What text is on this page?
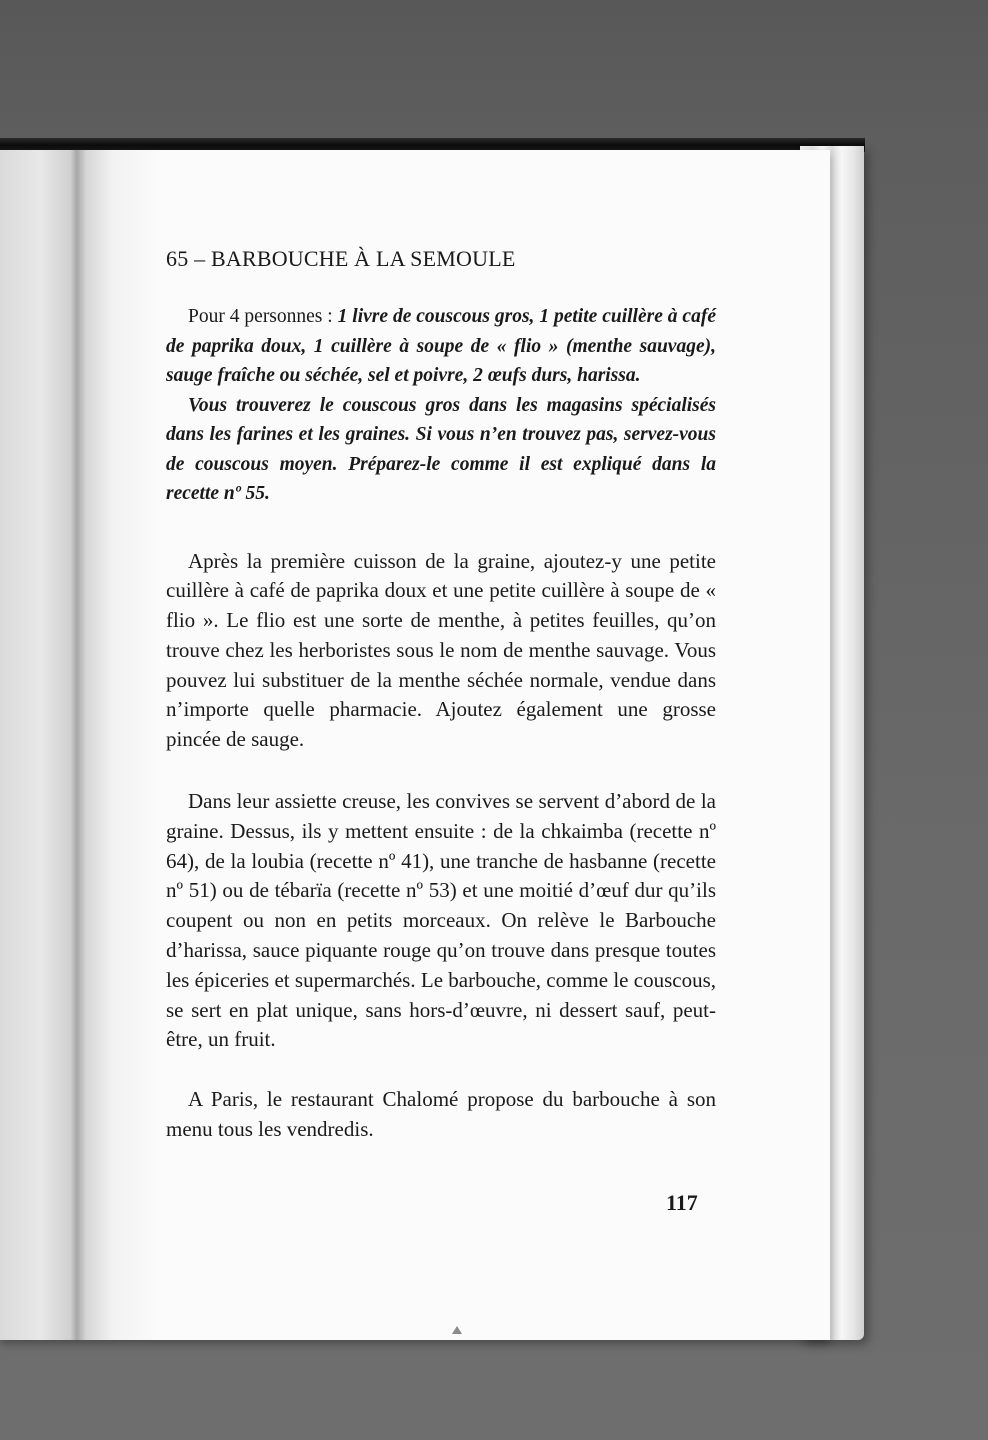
65 – BARBOUCHE À LA SEMOULE

Pour 4 personnes : 1 livre de couscous gros, 1 petite cuillère à café de paprika doux, 1 cuillère à soupe de « flio » (menthe sauvage), sauge fraîche ou séchée, sel et poivre, 2 œufs durs, harissa.

Vous trouverez le couscous gros dans les magasins spécialisés dans les farines et les graines. Si vous n’en trouvez pas, servez-vous de couscous moyen. Préparez-le comme il est expliqué dans la recette nº 55.

Après la première cuisson de la graine, ajoutez-y une petite cuillère à café de paprika doux et une petite cuillère à soupe de « flio ». Le flio est une sorte de menthe, à petites feuilles, qu’on trouve chez les herboristes sous le nom de menthe sauvage. Vous pouvez lui substituer de la menthe séchée normale, vendue dans n’importe quelle pharmacie. Ajoutez également une grosse pincée de sauge.

Dans leur assiette creuse, les convives se servent d’abord de la graine. Dessus, ils y mettent ensuite : de la chkaimba (recette nº 64), de la loubia (recette nº 41), une tranche de hasbanne (recette nº 51) ou de tébarïa (recette nº 53) et une moitié d’œuf dur qu’ils coupent ou non en petits morceaux. On relève le Barbouche d’harissa, sauce piquante rouge qu’on trouve dans presque toutes les épiceries et supermarchés. Le barbouche, comme le couscous, se sert en plat unique, sans hors-d’œuvre, ni dessert sauf, peut-être, un fruit.

A Paris, le restaurant Chalomé propose du barbouche à son menu tous les vendredis.

117
